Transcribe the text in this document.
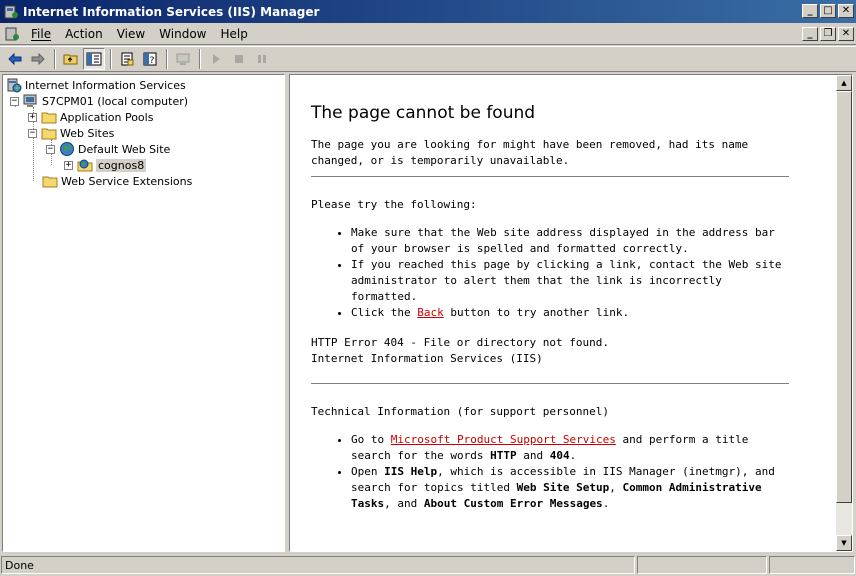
Internet Information Services (IIS) Manager	_ □ ✕
File	Action	View	Window	Help	_ ❐ ✕
?
Internet Information Services
− S7CPM01 (local computer)
+ Application Pools
− Web Sites
− Default Web Site
+ cognos8
Web Service Extensions
The page cannot be found

The page you are looking for might have been removed, had its name changed, or is temporarily unavailable.

Please try the following:

• Make sure that the Web site address displayed in the address bar of your browser is spelled and formatted correctly.
• If you reached this page by clicking a link, contact the Web site administrator to alert them that the link is incorrectly formatted.
• Click the Back button to try another link.

HTTP Error 404 - File or directory not found.

Internet Information Services (IIS)

Technical Information (for support personnel)

• Go to Microsoft Product Support Services and perform a title search for the words HTTP and 404.
• Open IIS Help, which is accessible in IIS Manager (inetmgr), and search for topics titled Web Site Setup, Common Administrative Tasks, and About Custom Error Messages.
▲
▼
Done
